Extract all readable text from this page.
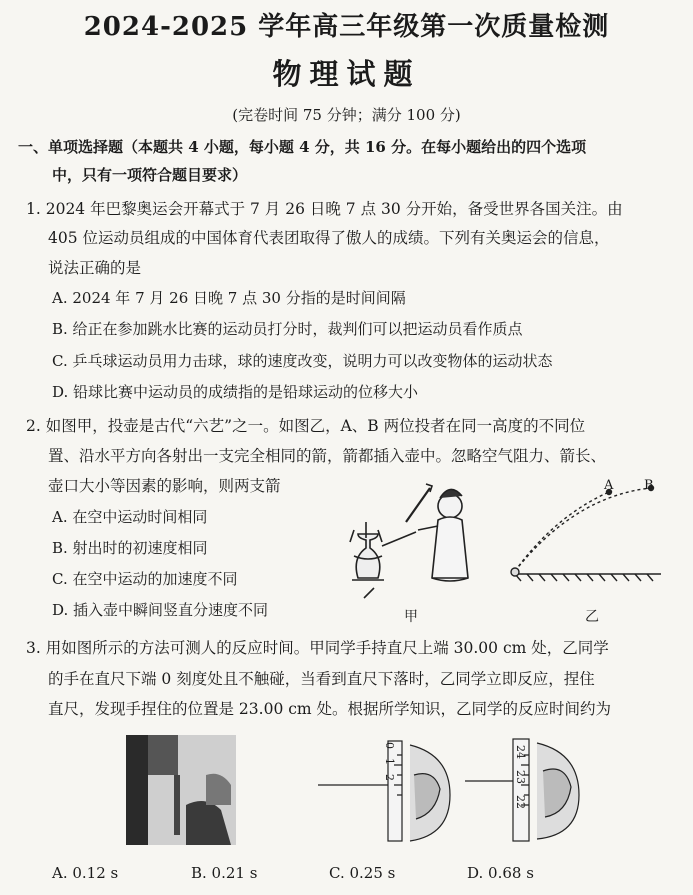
2024-2025 学年高三年级第一次质量检测
物理试题
(完卷时间 75 分钟；满分 100 分)
一、单项选择题（本题共 4 小题，每小题 4 分，共 16 分。在每小题给出的四个选项
中，只有一项符合题目要求）
1. 2024 年巴黎奥运会开幕式于 7 月 26 日晚 7 点 30 分开始，备受世界各国关注。由
405 位运动员组成的中国体育代表团取得了傲人的成绩。下列有关奥运会的信息，
说法正确的是
A. 2024 年 7 月 26 日晚 7 点 30 分指的是时间间隔
B. 给正在参加跳水比赛的运动员打分时，裁判们可以把运动员看作质点
C. 乒乓球运动员用力击球，球的速度改变，说明力可以改变物体的运动状态
D. 铅球比赛中运动员的成绩指的是铅球运动的位移大小
2. 如图甲，投壶是古代“六艺”之一。如图乙，A、B 两位投者在同一高度的不同位
置、沿水平方向各射出一支完全相同的箭，箭都插入壶中。忽略空气阻力、箭长、
壶口大小等因素的影响，则两支箭
A. 在空中运动时间相同
B. 射出时的初速度相同
C. 在空中运动的加速度不同
D. 插入壶中瞬间竖直分速度不同
A B
甲	乙
3. 用如图所示的方法可测人的反应时间。甲同学手持直尺上端 30.00 cm 处，乙同学
的手在直尺下端 0 刻度处且不触碰，当看到直尺下落时，乙同学立即反应，捏住
直尺，发现手捏住的位置是 23.00 cm 处。根据所学知识，乙同学的反应时间约为
0
1
2
24
23
22
A. 0.12 s	B. 0.21 s	C. 0.25 s	D. 0.68 s
